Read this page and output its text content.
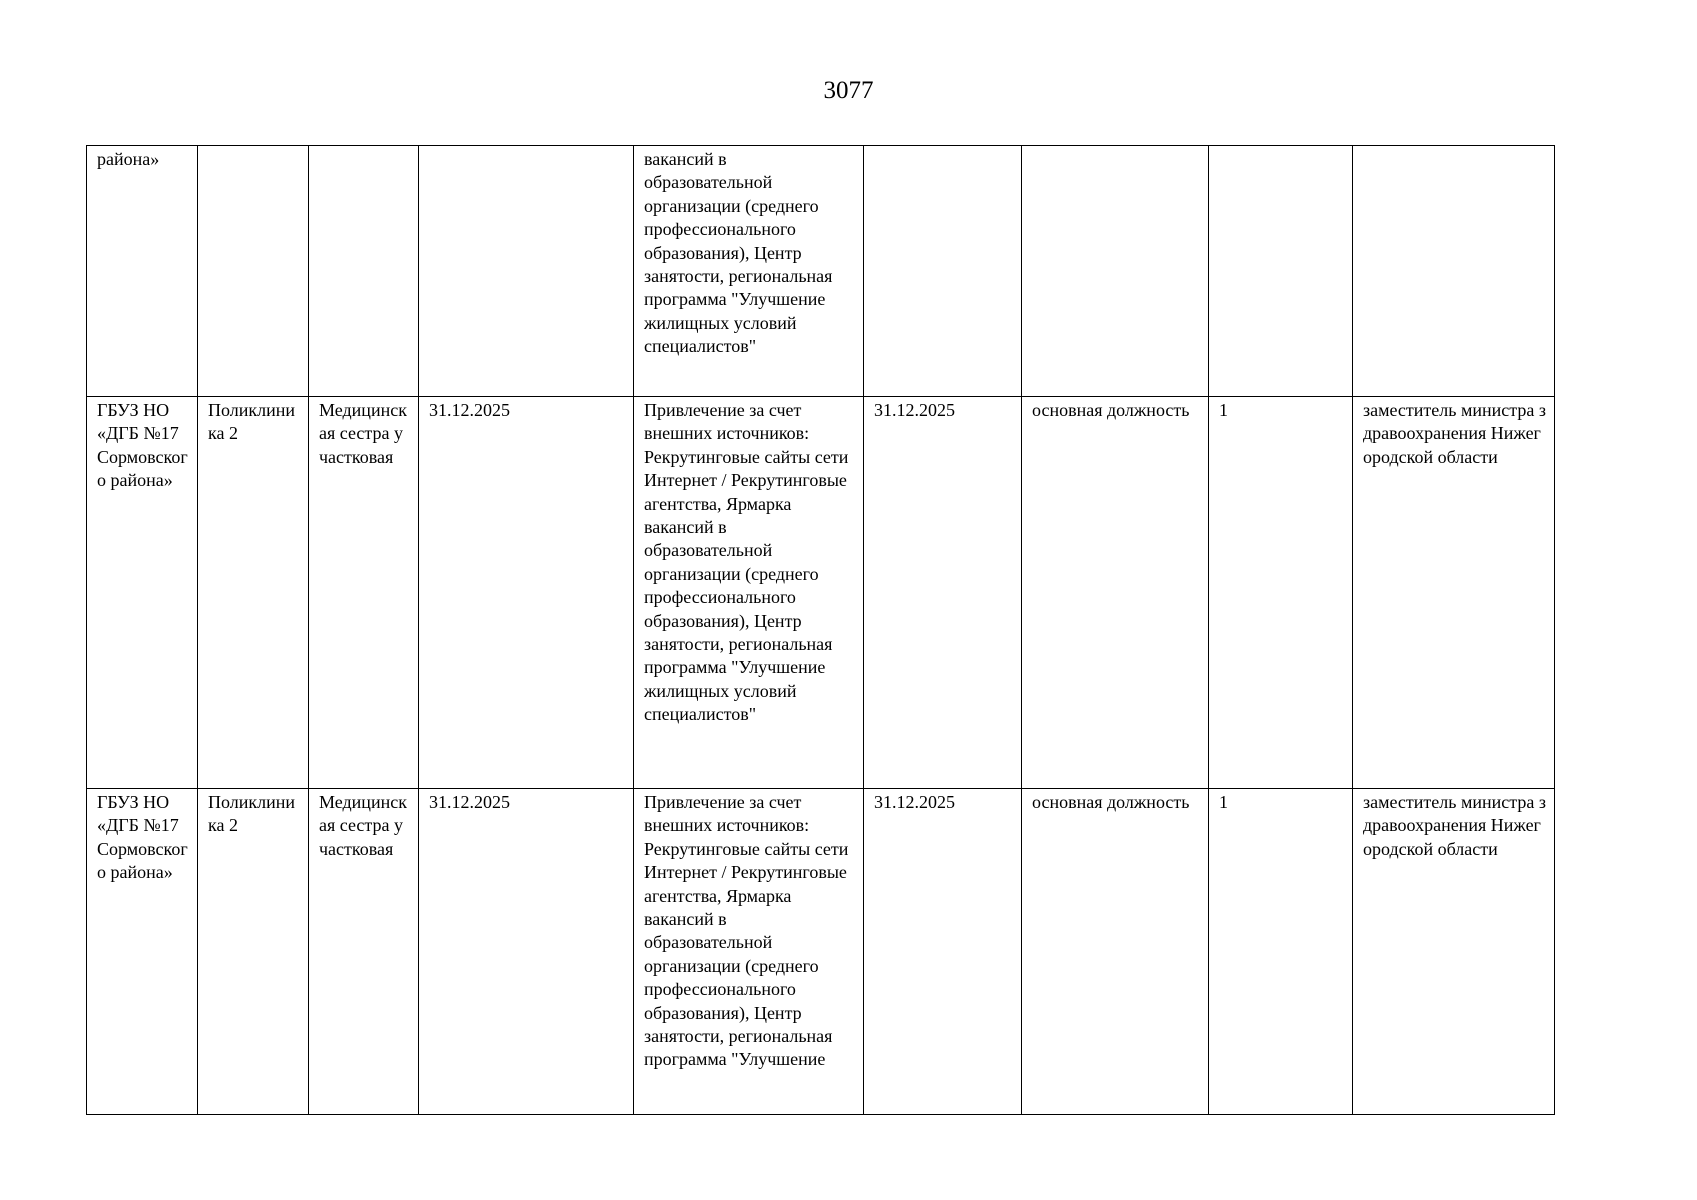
3077
района»				вакансий в образовательной организации (среднего профессионального образования), Центр занятости, региональная программа "Улучшение жилищных условий специалистов"				

ГБУЗ НО «ДГБ №17 Сормовского района»	Поликлиника 2	Медицинская сестра участковая	31.12.2025	Привлечение за счет внешних источников: Рекрутинговые сайты сети Интернет / Рекрутинговые агентства, Ярмарка вакансий в образовательной организации (среднего профессионального образования), Центр занятости, региональная программа "Улучшение жилищных условий специалистов"	31.12.2025	основная должность	1	заместитель министра здравоохранения Нижегородской области

ГБУЗ НО «ДГБ №17 Сормовского района»	Поликлиника 2	Медицинская сестра участковая	31.12.2025	Привлечение за счет внешних источников: Рекрутинговые сайты сети Интернет / Рекрутинговые агентства, Ярмарка вакансий в образовательной организации (среднего профессионального образования), Центр занятости, региональная программа "Улучшение	31.12.2025	основная должность	1	заместитель министра здравоохранения Нижегородской области
